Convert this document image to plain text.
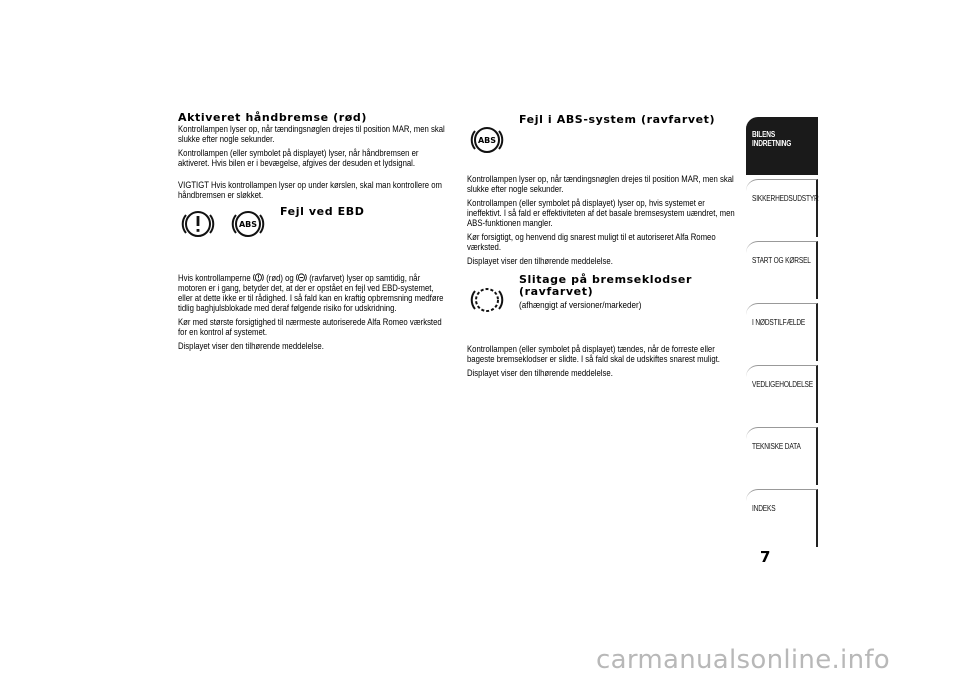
Aktiveret håndbremse (rød)

Kontrollampen lyser op, når tændingsnøglen drejes til position MAR, men skal slukke efter nogle sekunder.

Kontrollampen (eller symbolet på displayet) lyser, når håndbremsen er aktiveret. Hvis bilen er i bevægelse, afgives der desuden et lydsignal.

VIGTIGT Hvis kontrollampen lyser op under kørslen, skal man kontrollere om håndbremsen er sløkket.

ABS
Fejl ved EBD

Hvis kontrollamperne
(rød) og
(ravfarvet) lyser op samtidig, når motoren er i gang, betyder det, at der er opstået en fejl ved EBD-systemet, eller at dette ikke er til rådighed. I så fald kan en kraftig opbremsning medføre tidlig baghjulsblokade med deraf følgende risiko for udskridning.

Kør med største forsigtighed til nærmeste autoriserede Alfa Romeo værksted for en kontrol af systemet.

Displayet viser den tilhørende meddelelse.

ABS
Fejl i ABS-system (ravfarvet)

Kontrollampen lyser op, når tændingsnøglen drejes til position MAR, men skal slukke efter nogle sekunder.

Kontrollampen (eller symbolet på displayet) lyser op, hvis systemet er ineffektivt. I så fald er effektiviteten af det basale bremsesystem uændret, men ABS-funktionen mangler.

Kør forsigtigt, og henvend dig snarest muligt til et autoriseret Alfa Romeo værksted.

Displayet viser den tilhørende meddelelse.

Slitage på bremseklodser
(ravfarvet)
(afhængigt af versioner/markeder)

Kontrollampen (eller symbolet på displayet) tændes, når de forreste eller bageste bremseklodser er slidte. I så fald skal de udskiftes snarest muligt.

Displayet viser den tilhørende meddelelse.

BILENS
INDRETNING
SIKKERHEDSUDSTYR
START OG KØRSEL
I NØDSTILFÆLDE
VEDLIGEHOLDELSE
TEKNISKE DATA
INDEKS
7
carmanualsonline.info
